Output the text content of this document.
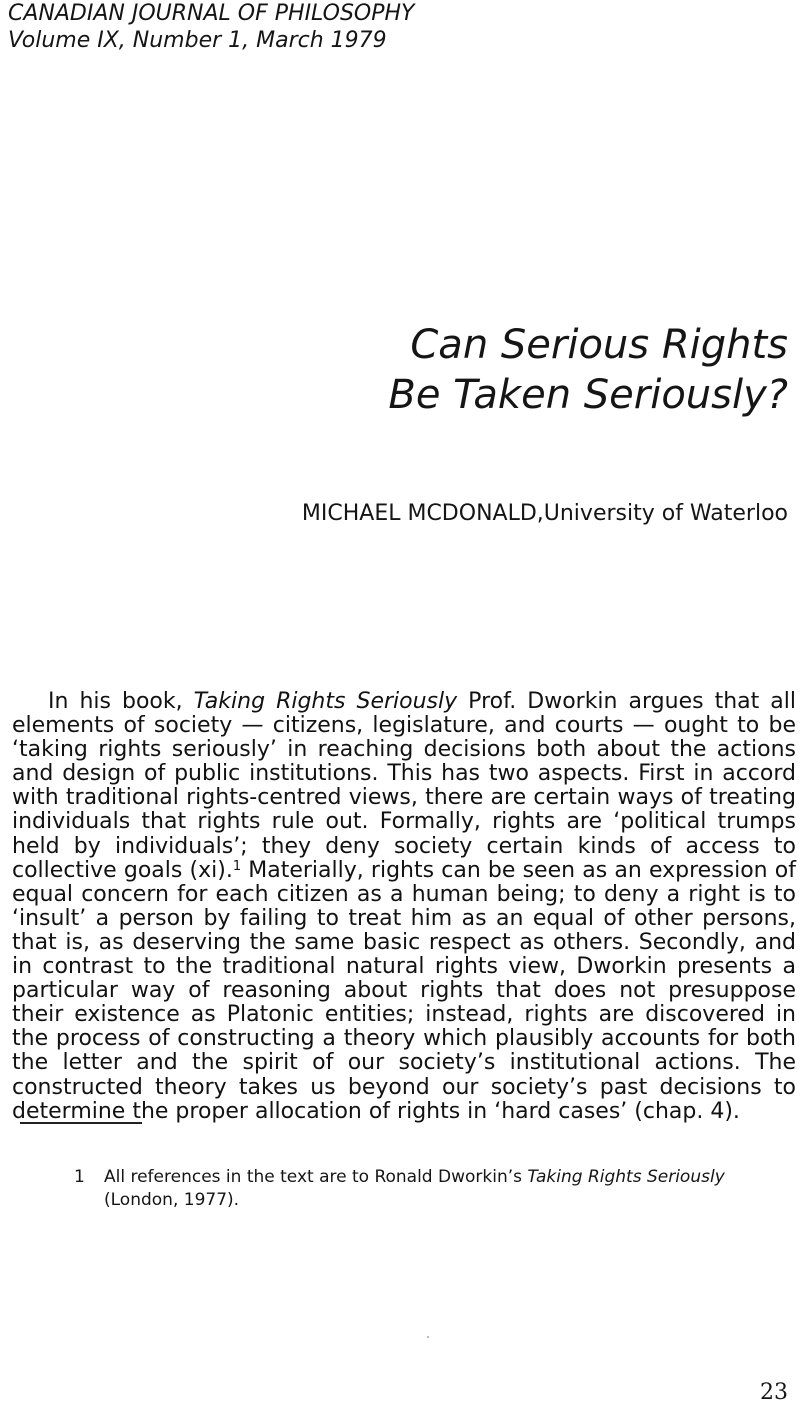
CANADIAN JOURNAL OF PHILOSOPHY
Volume IX, Number 1, March 1979
Can Serious Rights
Be Taken Seriously?
MICHAEL MCDONALD,University of Waterloo

In his book, Taking Rights Seriously Prof. Dworkin argues that all elements of society — citizens, legislature, and courts — ought to be ‘taking rights seriously’ in reaching decisions both about the actions and design of public institutions. This has two aspects. First in accord with traditional rights-centred views, there are certain ways of treating individuals that rights rule out. Formally, rights are ‘political trumps held by individuals’; they deny society certain kinds of access to collective goals (xi).$^1$ Materially, rights can be seen as an expression of equal concern for each citizen as a human being; to deny a right is to ‘insult’ a person by failing to treat him as an equal of other persons, that is, as deserving the same basic respect as others. Secondly, and in contrast to the traditional natural rights view, Dworkin presents a particular way of reasoning about rights that does not presuppose their existence as Platonic entities; instead, rights are discovered in the process of constructing a theory which plausibly accounts for both the letter and the spirit of our society’s institutional actions. The constructed theory takes us beyond our society’s past decisions to determine the proper allocation of rights in ‘hard cases’ (chap. 4).

1 All references in the text are to Ronald Dworkin’s Taking Rights Seriously (London, 1977).
23
